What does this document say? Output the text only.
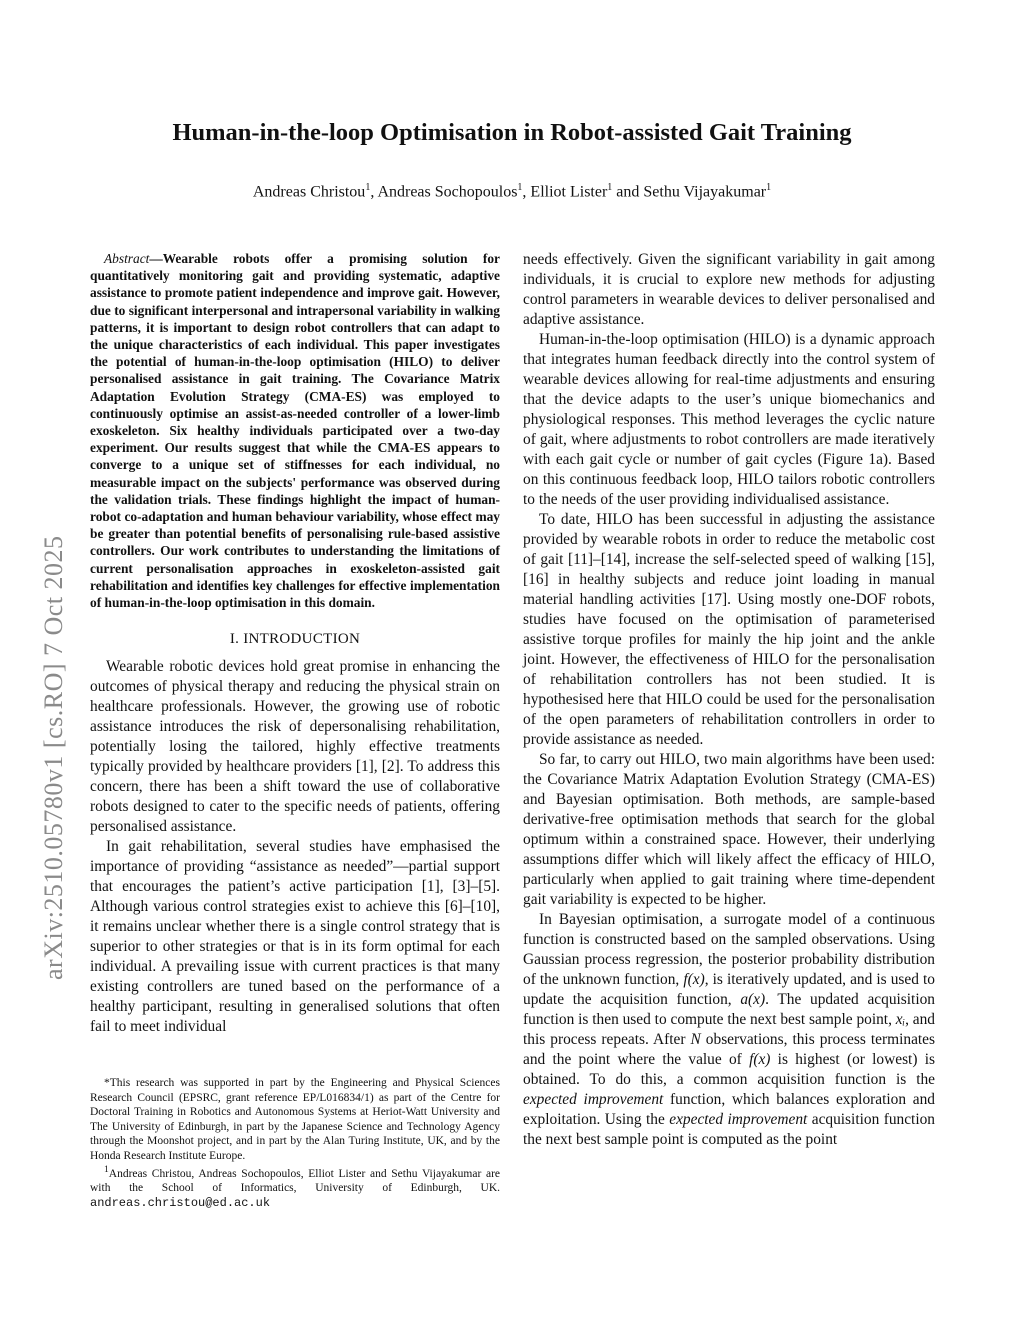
arXiv:2510.05780v1 [cs.RO] 7 Oct 2025
Human-in-the-loop Optimisation in Robot-assisted Gait Training
Andreas Christou$^1$, Andreas Sochopoulos$^1$, Elliot Lister$^1$ and Sethu Vijayakumar$^1$

Abstract—Wearable robots offer a promising solution for quantitatively monitoring gait and providing systematic, adaptive assistance to promote patient independence and improve gait. However, due to significant interpersonal and intrapersonal variability in walking patterns, it is important to design robot controllers that can adapt to the unique characteristics of each individual. This paper investigates the potential of human-in-the-loop optimisation (HILO) to deliver personalised assistance in gait training. The Covariance Matrix Adaptation Evolution Strategy (CMA-ES) was employed to continuously optimise an assist-as-needed controller of a lower-limb exoskeleton. Six healthy individuals participated over a two-day experiment. Our results suggest that while the CMA-ES appears to converge to a unique set of stiffnesses for each individual, no measurable impact on the subjects' performance was observed during the validation trials. These findings highlight the impact of human-robot co-adaptation and human behaviour variability, whose effect may be greater than potential benefits of personalising rule-based assistive controllers. Our work contributes to understanding the limitations of current personalisation approaches in exoskeleton-assisted gait rehabilitation and identifies key challenges for effective implementation of human-in-the-loop optimisation in this domain.

I. INTRODUCTION

Wearable robotic devices hold great promise in enhancing the outcomes of physical therapy and reducing the physical strain on healthcare professionals. However, the growing use of robotic assistance introduces the risk of depersonalising rehabilitation, potentially losing the tailored, highly effective treatments typically provided by healthcare providers [1], [2]. To address this concern, there has been a shift toward the use of collaborative robots designed to cater to the specific needs of patients, offering personalised assistance.

In gait rehabilitation, several studies have emphasised the importance of providing “assistance as needed”—partial support that encourages the patient’s active participation [1], [3]–[5]. Although various control strategies exist to achieve this [6]–[10], it remains unclear whether there is a single control strategy that is superior to other strategies or that is in its form optimal for each individual. A prevailing issue with current practices is that many existing controllers are tuned based on the performance of a healthy participant, resulting in generalised solutions that often fail to meet individual

needs effectively. Given the significant variability in gait among individuals, it is crucial to explore new methods for adjusting control parameters in wearable devices to deliver personalised and adaptive assistance.

Human-in-the-loop optimisation (HILO) is a dynamic approach that integrates human feedback directly into the control system of wearable devices allowing for real-time adjustments and ensuring that the device adapts to the user’s unique biomechanics and physiological responses. This method leverages the cyclic nature of gait, where adjustments to robot controllers are made iteratively with each gait cycle or number of gait cycles (Figure 1a). Based on this continuous feedback loop, HILO tailors robotic controllers to the needs of the user providing individualised assistance.

To date, HILO has been successful in adjusting the assistance provided by wearable robots in order to reduce the metabolic cost of gait [11]–[14], increase the self-selected speed of walking [15], [16] in healthy subjects and reduce joint loading in manual material handling activities [17]. Using mostly one-DOF robots, studies have focused on the optimisation of parameterised assistive torque profiles for mainly the hip joint and the ankle joint. However, the effectiveness of HILO for the personalisation of rehabilitation controllers has not been studied. It is hypothesised here that HILO could be used for the personalisation of the open parameters of rehabilitation controllers in order to provide assistance as needed.

So far, to carry out HILO, two main algorithms have been used: the Covariance Matrix Adaptation Evolution Strategy (CMA-ES) and Bayesian optimisation. Both methods, are sample-based derivative-free optimisation methods that search for the global optimum within a constrained space. However, their underlying assumptions differ which will likely affect the efficacy of HILO, particularly when applied to gait training where time-dependent gait variability is expected to be higher.

In Bayesian optimisation, a surrogate model of a continuous function is constructed based on the sampled observations. Using Gaussian process regression, the posterior probability distribution of the unknown function, f(x), is iteratively updated, and is used to update the acquisition function, a(x). The updated acquisition function is then used to compute the next best sample point, xᵢ, and this process repeats. After N observations, this process terminates and the point where the value of f(x) is highest (or lowest) is obtained. To do this, a common acquisition function is the expected improvement function, which balances exploration and exploitation. Using the expected improvement acquisition function the next best sample point is computed as the point

*This research was supported in part by the Engineering and Physical Sciences Research Council (EPSRC, grant reference EP/L016834/1) as part of the Centre for Doctoral Training in Robotics and Autonomous Systems at Heriot-Watt University and The University of Edinburgh, in part by the Japanese Science and Technology Agency through the Moonshot project, and in part by the Alan Turing Institute, UK, and by the Honda Research Institute Europe.

$^1$Andreas Christou, Andreas Sochopoulos, Elliot Lister and Sethu Vijayakumar are with the School of Informatics, University of Edinburgh, UK. andreas.christou@ed.ac.uk
